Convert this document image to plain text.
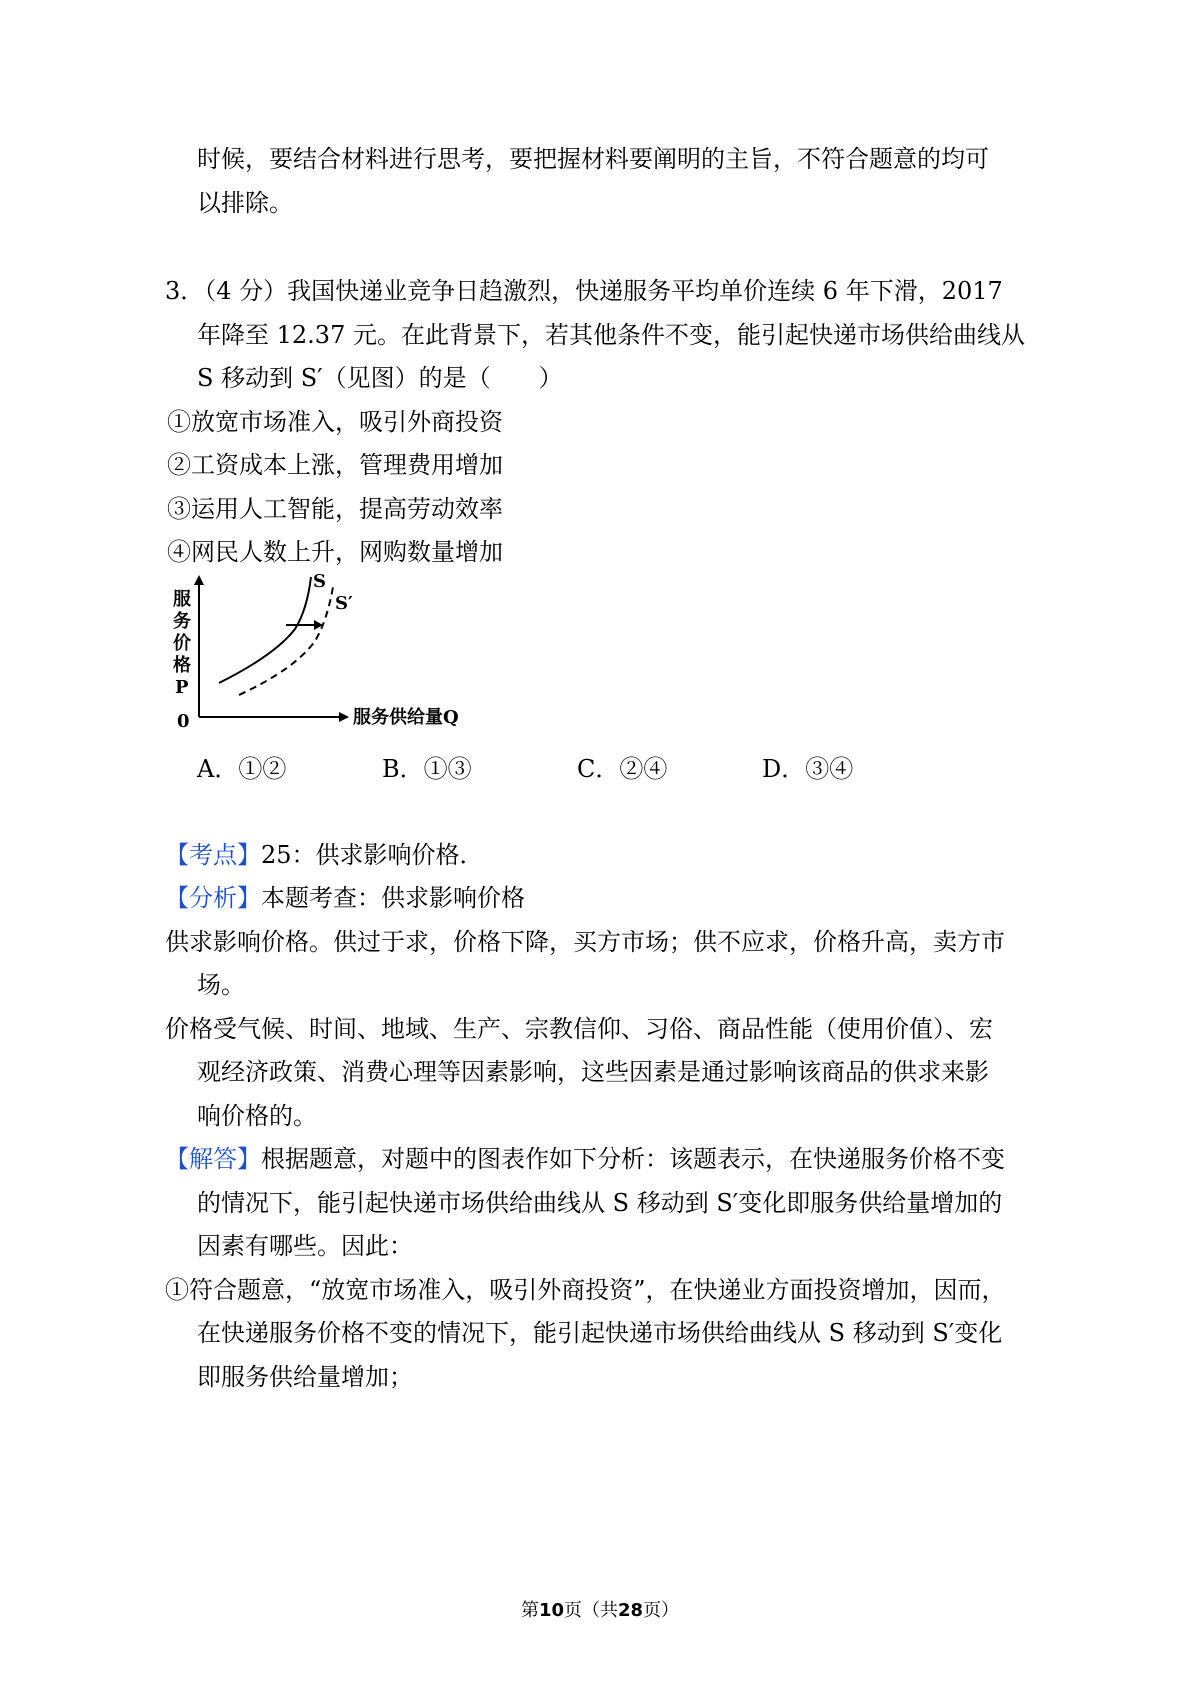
时候，要结合材料进行思考，要把握材料要阐明的主旨，不符合题意的均可
以排除。
3．（4 分）我国快递业竞争日趋激烈，快递服务平均单价连续 6 年下滑，2017
年降至 12.37 元。在此背景下，若其他条件不变，能引起快递市场供给曲线从
S 移动到 S′（见图）的是（　　）
①放宽市场准入，吸引外商投资
②工资成本上涨，管理费用增加
③运用人工智能，提高劳动效率
④网民人数上升，网购数量增加
服
务
价
格
P
0	服务供给量Q
S
S′
A．①②	B．①③	C．②④	D．③④
【考点】25：供求影响价格．
【分析】本题考查：供求影响价格
供求影响价格。供过于求，价格下降，买方市场；供不应求，价格升高，卖方市
场。
价格受气候、时间、地域、生产、宗教信仰、习俗、商品性能（使用价值）、宏
观经济政策、消费心理等因素影响，这些因素是通过影响该商品的供求来影
响价格的。
【解答】根据题意，对题中的图表作如下分析：该题表示，在快递服务价格不变
的情况下，能引起快递市场供给曲线从 S 移动到 S′变化即服务供给量增加的
因素有哪些。因此：
①符合题意，“放宽市场准入，吸引外商投资”，在快递业方面投资增加，因而，
在快递服务价格不变的情况下，能引起快递市场供给曲线从 S 移动到 S′变化
即服务供给量增加；
第10页（共28页）
